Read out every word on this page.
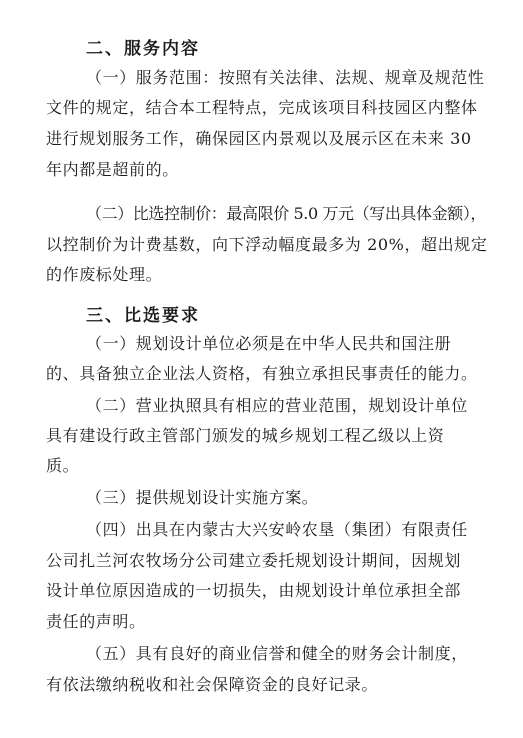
二、服务内容
（一）服务范围：按照有关法律、法规、规章及规范性
文件的规定，结合本工程特点，完成该项目科技园区内整体
进行规划服务工作，确保园区内景观以及展示区在未来 30
年内都是超前的。
（二）比选控制价：最高限价 5.0 万元（写出具体金额），
以控制价为计费基数，向下浮动幅度最多为 20%，超出规定
的作废标处理。
三、比选要求
（一）规划设计单位必须是在中华人民共和国注册
的、具备独立企业法人资格，有独立承担民事责任的能力。
（二）营业执照具有相应的营业范围，规划设计单位
具有建设行政主管部门颁发的城乡规划工程乙级以上资
质。
（三）提供规划设计实施方案。
（四）出具在内蒙古大兴安岭农垦（集团）有限责任
公司扎兰河农牧场分公司建立委托规划设计期间，因规划
设计单位原因造成的一切损失，由规划设计单位承担全部
责任的声明。
（五）具有良好的商业信誉和健全的财务会计制度，
有依法缴纳税收和社会保障资金的良好记录。
